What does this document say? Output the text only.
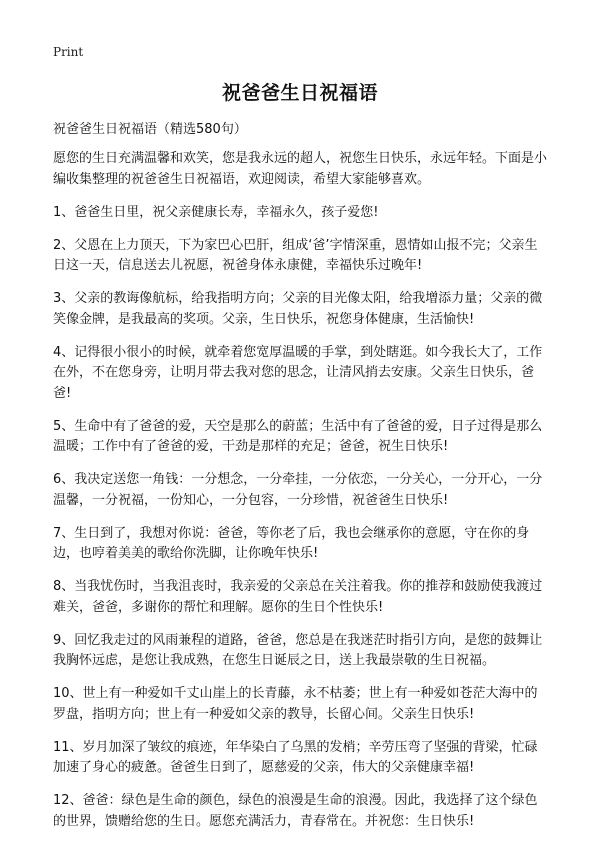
Print
祝爸爸生日祝福语

祝爸爸生日祝福语（精选580句）

愿您的生日充满温馨和欢笑，您是我永远的超人，祝您生日快乐，永远年轻。下面是小编收集整理的祝爸爸生日祝福语，欢迎阅读，希望大家能够喜欢。

1、爸爸生日里，祝父亲健康长寿，幸福永久，孩子爱您!

2、父恩在上力顶天，下为家巴心巴肝，组成‘爸’字情深重，恩情如山报不完；父亲生日这一天，信息送去儿祝愿，祝爸身体永康健，幸福快乐过晚年!

3、父亲的教诲像航标，给我指明方向；父亲的目光像太阳，给我增添力量；父亲的微笑像金牌，是我最高的奖项。父亲，生日快乐，祝您身体健康，生活愉快!

4、记得很小很小的时候，就牵着您宽厚温暖的手掌，到处瞎逛。如今我长大了，工作在外，不在您身旁，让明月带去我对您的思念，让清风捎去安康。父亲生日快乐，爸爸!

5、生命中有了爸爸的爱，天空是那么的蔚蓝；生活中有了爸爸的爱，日子过得是那么温暖；工作中有了爸爸的爱，干劲是那样的充足；爸爸，祝生日快乐!

6、我决定送您一角钱：一分想念，一分牵挂，一分依恋，一分关心，一分开心，一分温馨，一分祝福，一份知心，一分包容，一分珍惜，祝爸爸生日快乐!

7、生日到了，我想对你说：爸爸，等你老了后，我也会继承你的意愿，守在你的身边，也哼着美美的歌给你洗脚，让你晚年快乐!

8、当我忧伤时，当我沮丧时，我亲爱的父亲总在关注着我。你的推荐和鼓励使我渡过难关，爸爸，多谢你的帮忙和理解。愿你的生日个性快乐!

9、回忆我走过的风雨兼程的道路，爸爸，您总是在我迷茫时指引方向，是您的鼓舞让我胸怀远虑，是您让我成熟，在您生日诞辰之日，送上我最崇敬的生日祝福。

10、世上有一种爱如千丈山崖上的长青藤，永不枯萎；世上有一种爱如苍茫大海中的罗盘，指明方向；世上有一种爱如父亲的教导，长留心间。父亲生日快乐!

11、岁月加深了皱纹的痕迹，年华染白了乌黑的发梢；辛劳压弯了坚强的背梁，忙碌加速了身心的疲惫。爸爸生日到了，愿慈爱的父亲，伟大的父亲健康幸福!

12、爸爸：绿色是生命的颜色，绿色的浪漫是生命的浪漫。因此，我选择了这个绿色的世界，馈赠给您的生日。愿您充满活力，青春常在。并祝您：生日快乐!
